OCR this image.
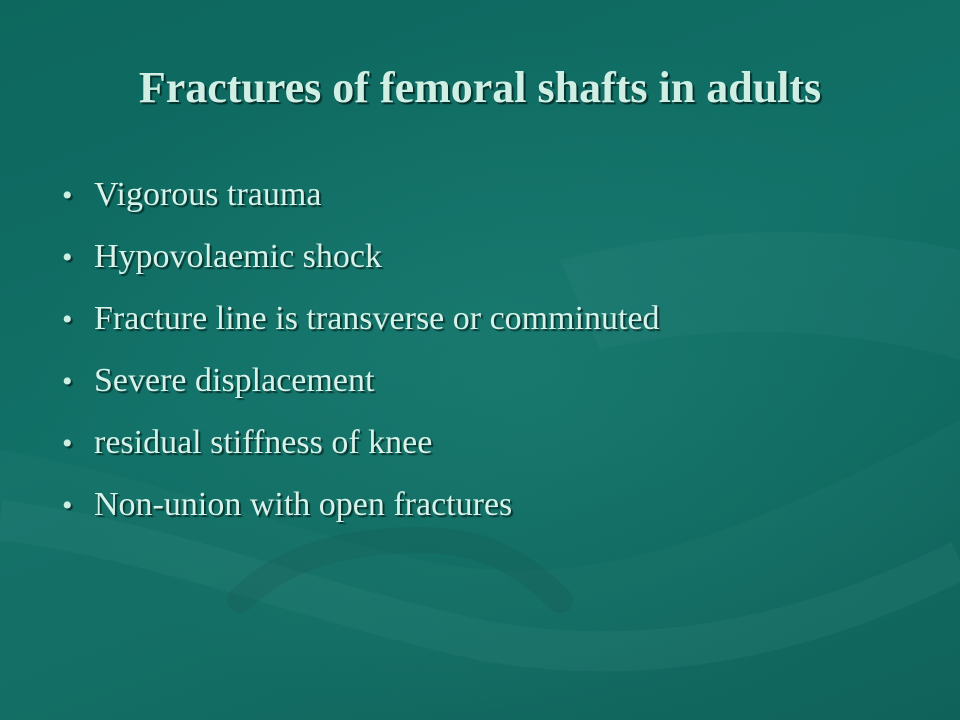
Fractures of femoral shafts in adults
• Vigorous trauma
• Hypovolaemic shock
• Fracture line is transverse or comminuted
• Severe displacement
• residual stiffness of knee
• Non-union with open fractures
